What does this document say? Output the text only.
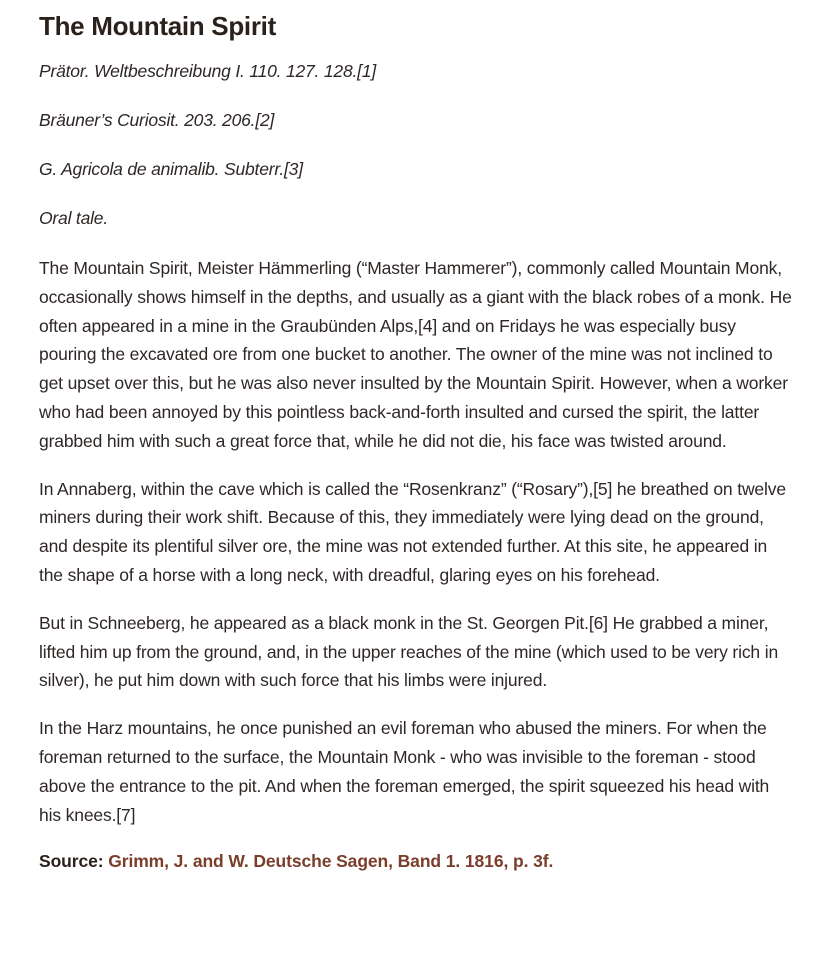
The Mountain Spirit

Prätor. Weltbeschreibung I. 110. 127. 128.[1]

Bräuner’s Curiosit. 203. 206.[2]

G. Agricola de animalib. Subterr.[3]

Oral tale.

The Mountain Spirit, Meister Hämmerling (“Master Hammerer”), commonly called Mountain Monk, occasionally shows himself in the depths, and usually as a giant with the black robes of a monk. He often appeared in a mine in the Graubünden Alps,[4] and on Fridays he was especially busy pouring the excavated ore from one bucket to another. The owner of the mine was not inclined to get upset over this, but he was also never insulted by the Mountain Spirit. However, when a worker who had been annoyed by this pointless back-and-forth insulted and cursed the spirit, the latter grabbed him with such a great force that, while he did not die, his face was twisted around.

In Annaberg, within the cave which is called the “Rosenkranz” (“Rosary”),[5] he breathed on twelve miners during their work shift. Because of this, they immediately were lying dead on the ground, and despite its plentiful silver ore, the mine was not extended further. At this site, he appeared in the shape of a horse with a long neck, with dreadful, glaring eyes on his forehead.

But in Schneeberg, he appeared as a black monk in the St. Georgen Pit.[6] He grabbed a miner, lifted him up from the ground, and, in the upper reaches of the mine (which used to be very rich in silver), he put him down with such force that his limbs were injured.

In the Harz mountains, he once punished an evil foreman who abused the miners. For when the foreman returned to the surface, the Mountain Monk - who was invisible to the foreman - stood above the entrance to the pit. And when the foreman emerged, the spirit squeezed his head with his knees.[7]

Source: Grimm, J. and W. Deutsche Sagen, Band 1. 1816, p. 3f.
